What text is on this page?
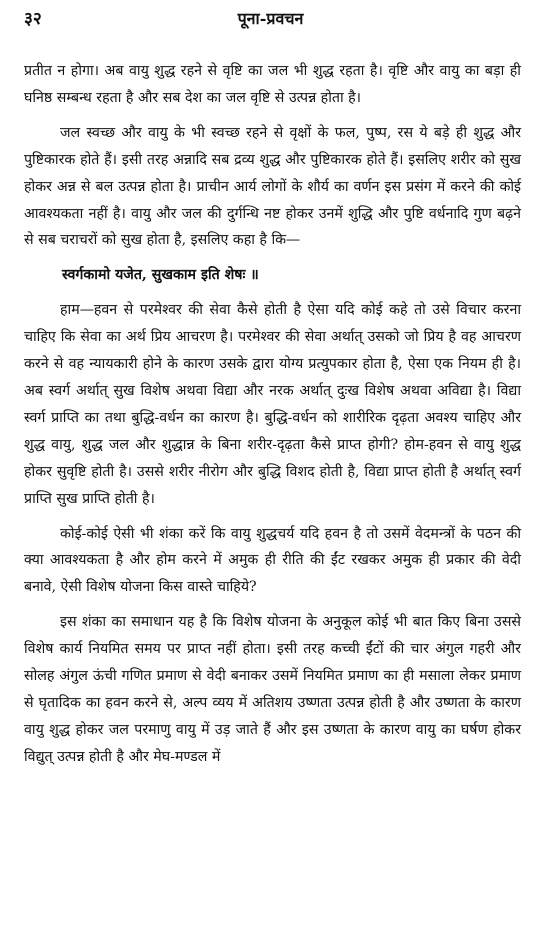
३२	पूना-प्रवचन

प्रतीत न होगा। अब वायु शुद्ध रहने से वृष्टि का जल भी शुद्ध रहता है। वृष्टि और वायु का बड़ा ही घनिष्ठ सम्बन्ध रहता है और सब देश का जल वृष्टि से उत्पन्न होता है।

जल स्वच्छ और वायु के भी स्वच्छ रहने से वृक्षों के फल, पुष्प, रस ये बड़े ही शुद्ध और पुष्टिकारक होते हैं। इसी तरह अन्नादि सब द्रव्य शुद्ध और पुष्टिकारक होते हैं। इसलिए शरीर को सुख होकर अन्न से बल उत्पन्न होता है। प्राचीन आर्य लोगों के शौर्य का वर्णन इस प्रसंग में करने की कोई आवश्यकता नहीं है। वायु और जल की दुर्गन्धि नष्ट होकर उनमें शुद्धि और पुष्टि वर्धनादि गुण बढ़ने से सब चराचरों को सुख होता है, इसलिए कहा है कि—

स्वर्गकामो यजेत, सुखकाम इति शेषः ॥

हाम—हवन से परमेश्वर की सेवा कैसे होती है ऐसा यदि कोई कहे तो उसे विचार करना चाहिए कि सेवा का अर्थ प्रिय आचरण है। परमेश्वर की सेवा अर्थात् उसको जो प्रिय है वह आचरण करने से वह न्यायकारी होने के कारण उसके द्वारा योग्य प्रत्युपकार होता है, ऐसा एक नियम ही है। अब स्वर्ग अर्थात् सुख विशेष अथवा विद्या और नरक अर्थात् दुःख विशेष अथवा अविद्या है। विद्या स्वर्ग प्राप्ति का तथा बुद्धि-वर्धन का कारण है। बुद्धि-वर्धन को शारीरिक दृढ़ता अवश्य चाहिए और शुद्ध वायु, शुद्ध जल और शुद्धान्न के बिना शरीर-दृढ़ता कैसे प्राप्त होगी? होम-हवन से वायु शुद्ध होकर सुवृष्टि होती है। उससे शरीर नीरोग और बुद्धि विशद होती है, विद्या प्राप्त होती है अर्थात् स्वर्ग प्राप्ति सुख प्राप्ति होती है।

कोई-कोई ऐसी भी शंका करें कि वायु शुद्धचर्य यदि हवन है तो उसमें वेदमन्त्रों के पठन की क्या आवश्यकता है और होम करने में अमुक ही रीति की ईंट रखकर अमुक ही प्रकार की वेदी बनावे, ऐसी विशेष योजना किस वास्ते चाहिये?

इस शंका का समाधान यह है कि विशेष योजना के अनुकूल कोई भी बात किए बिना उससे विशेष कार्य नियमित समय पर प्राप्त नहीं होता। इसी तरह कच्ची ईंटों की चार अंगुल गहरी और सोलह अंगुल ऊंची गणित प्रमाण से वेदी बनाकर उसमें नियमित प्रमाण का ही मसाला लेकर प्रमाण से घृतादिक का हवन करने से, अल्प व्यय में अतिशय उष्णता उत्पन्न होती है और उष्णता के कारण वायु शुद्ध होकर जल परमाणु वायु में उड़ जाते हैं और इस उष्णता के कारण वायु का घर्षण होकर विद्युत् उत्पन्न होती है और मेघ-मण्डल में
